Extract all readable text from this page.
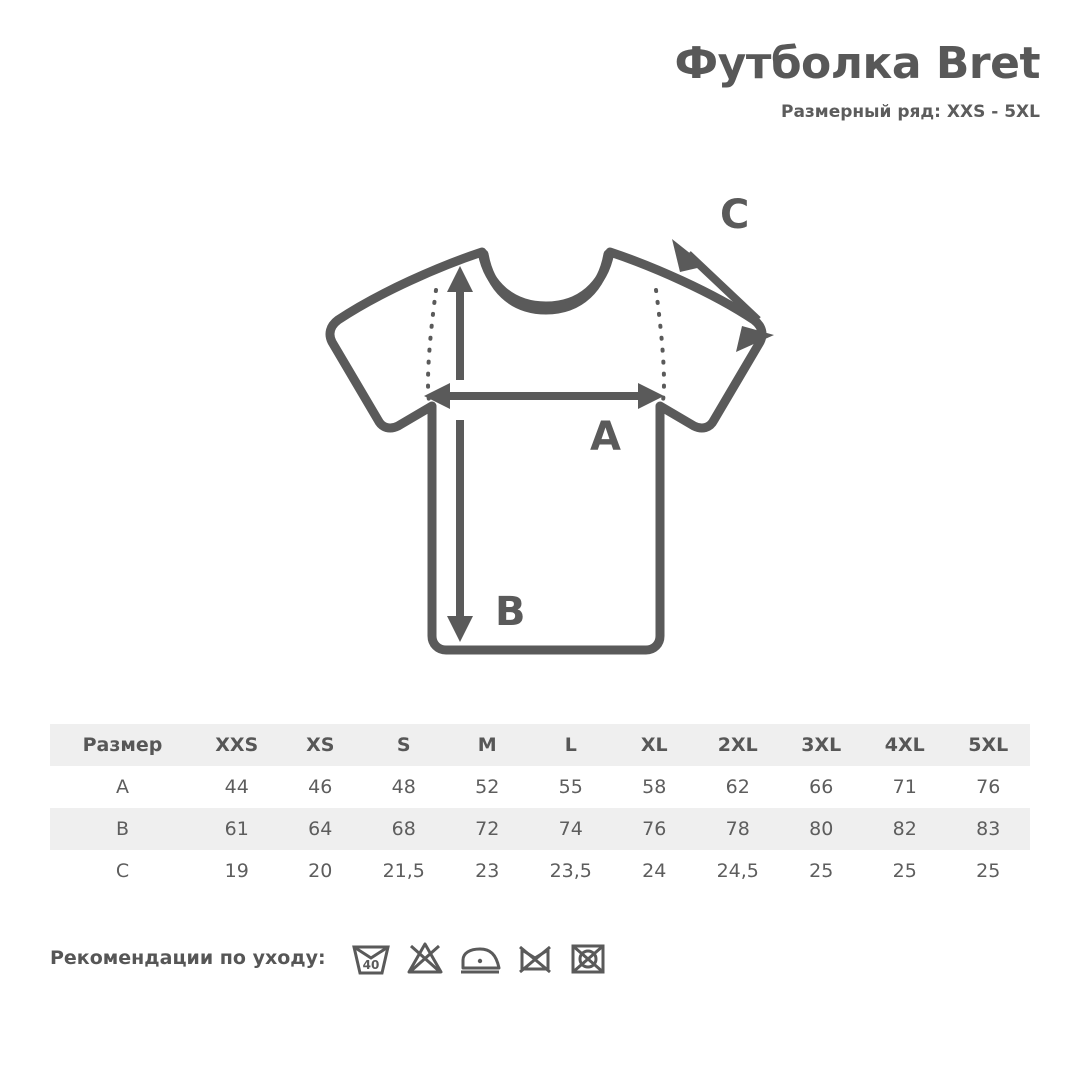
Футболка Bret
Размерный ряд: XXS - 5XL
A
B
C
Размер	XXS	XS	S	M	L	XL	2XL	3XL	4XL	5XL
A	44	46	48	52	55	58	62	66	71	76
B	61	64	68	72	74	76	78	80	82	83
C	19	20	21,5	23	23,5	24	24,5	25	25	25
Рекомендации по уходу:	40
